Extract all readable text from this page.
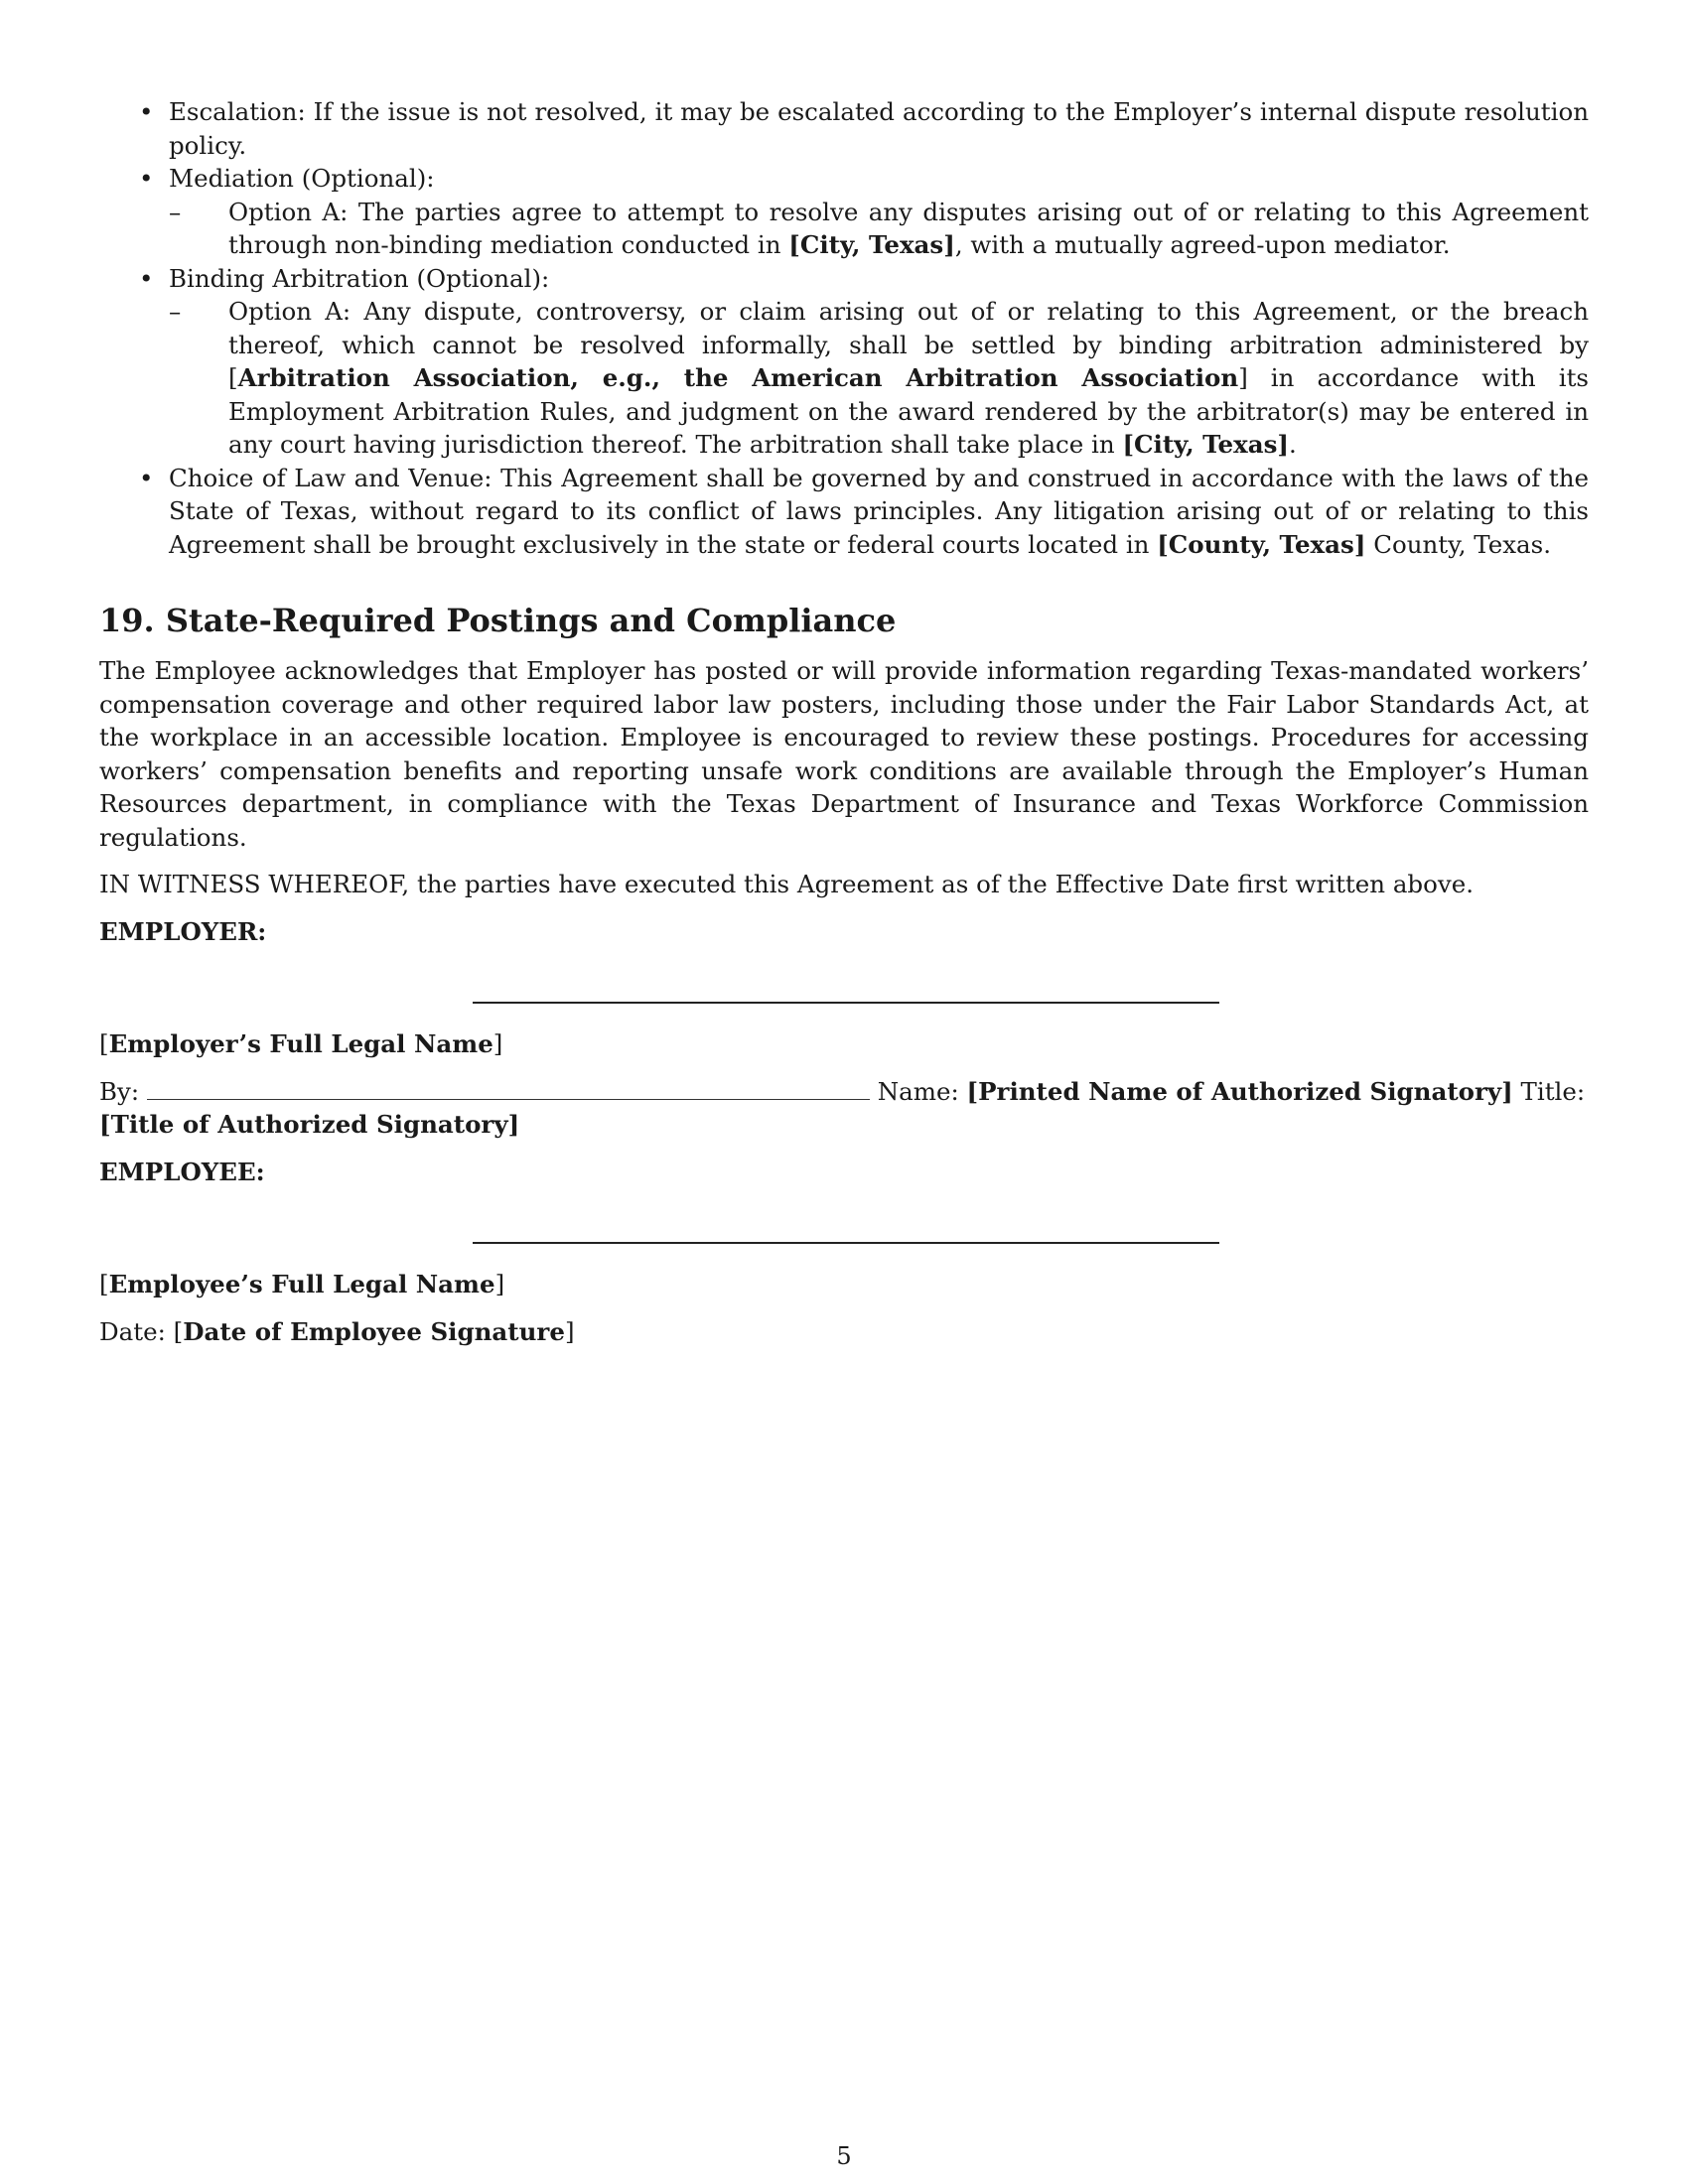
• Escalation: If the issue is not resolved, it may be escalated according to the Employer’s internal dispute resolution policy.
• Mediation (Optional):
– Option A: The parties agree to attempt to resolve any disputes arising out of or relating to this Agreement through non-binding mediation conducted in [City, Texas], with a mutually agreed-upon mediator.
• Binding Arbitration (Optional):
– Option A: Any dispute, controversy, or claim arising out of or relating to this Agreement, or the breach thereof, which cannot be resolved informally, shall be settled by binding arbitration administered by [Arbitration Association, e.g., the American Arbitration Association] in accordance with its Employment Arbitration Rules, and judgment on the award rendered by the arbitrator(s) may be entered in any court having jurisdiction thereof. The arbitration shall take place in [City, Texas].
• Choice of Law and Venue: This Agreement shall be governed by and construed in accordance with the laws of the State of Texas, without regard to its conflict of laws principles. Any litigation arising out of or relating to this Agreement shall be brought exclusively in the state or federal courts located in [County, Texas] County, Texas.
19. State-Required Postings and Compliance

The Employee acknowledges that Employer has posted or will provide information regarding Texas-mandated workers’ compensation coverage and other required labor law posters, including those under the Fair Labor Standards Act, at the workplace in an accessible location. Employee is encouraged to review these postings. Procedures for accessing workers’ compensation benefits and reporting unsafe work conditions are available through the Employer’s Human Resources department, in compliance with the Texas Department of Insurance and Texas Workforce Commission regulations.

IN WITNESS WHEREOF, the parties have executed this Agreement as of the Effective Date first written above.

EMPLOYER:

[Employer’s Full Legal Name]

By:	Name: [Printed Name of Authorized Signatory] Title: [Title of Authorized Signatory]

EMPLOYEE:

[Employee’s Full Legal Name]

Date: [Date of Employee Signature]

5
